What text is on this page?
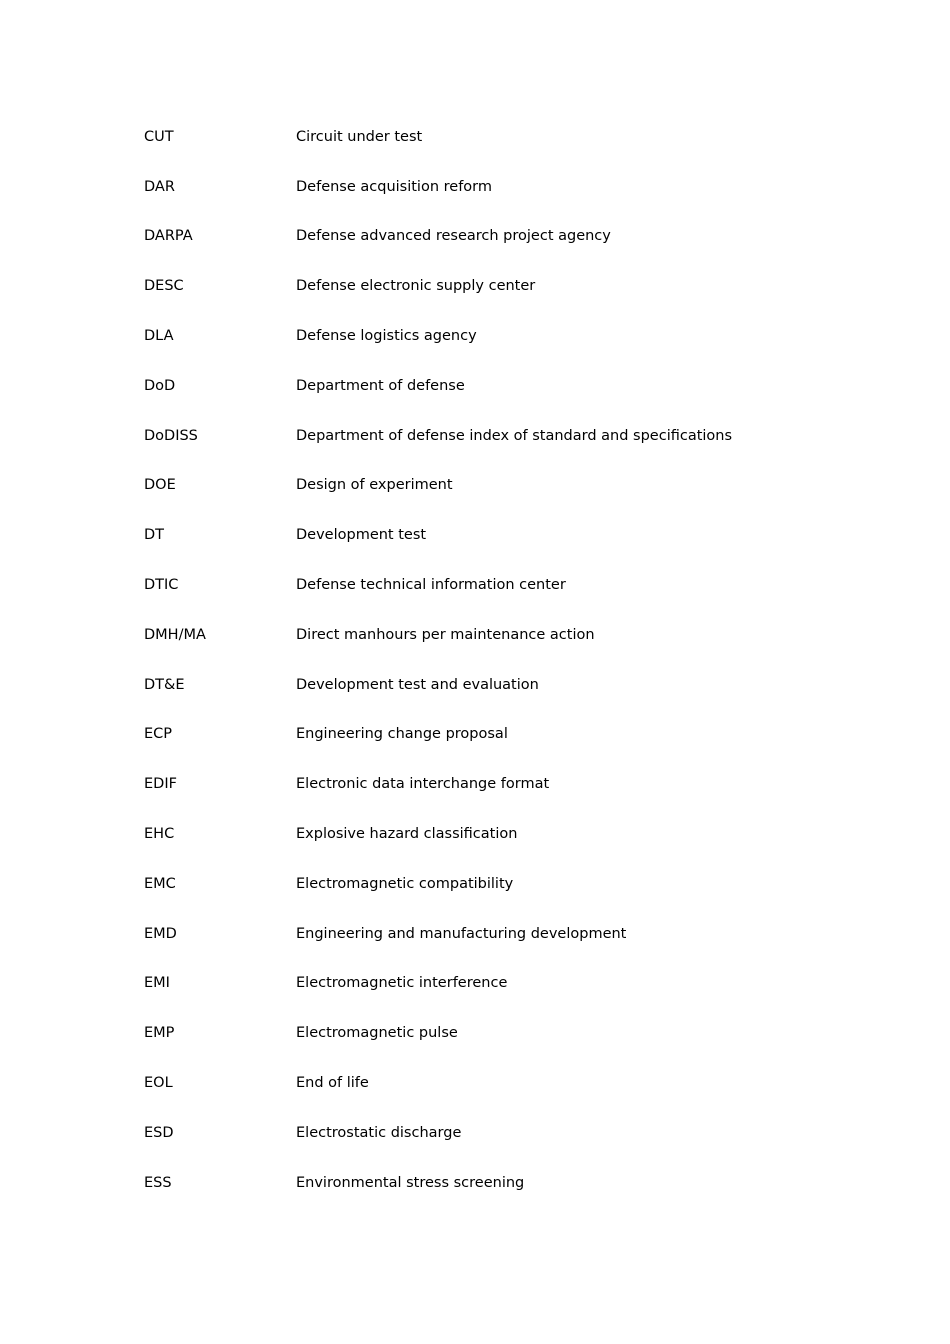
CUT	Circuit under test
DAR	Defense acquisition reform
DARPA	Defense advanced research project agency
DESC	Defense electronic supply center
DLA	Defense logistics agency
DoD	Department of defense
DoDISS	Department of defense index of standard and specifications
DOE	Design of experiment
DT	Development test
DTIC	Defense technical information center
DMH/MA	Direct manhours per maintenance action
DT&E	Development test and evaluation
ECP	Engineering change proposal
EDIF	Electronic data interchange format
EHC	Explosive hazard classification
EMC	Electromagnetic compatibility
EMD	Engineering and manufacturing development
EMI	Electromagnetic interference
EMP	Electromagnetic pulse
EOL	End of life
ESD	Electrostatic discharge
ESS	Environmental stress screening
